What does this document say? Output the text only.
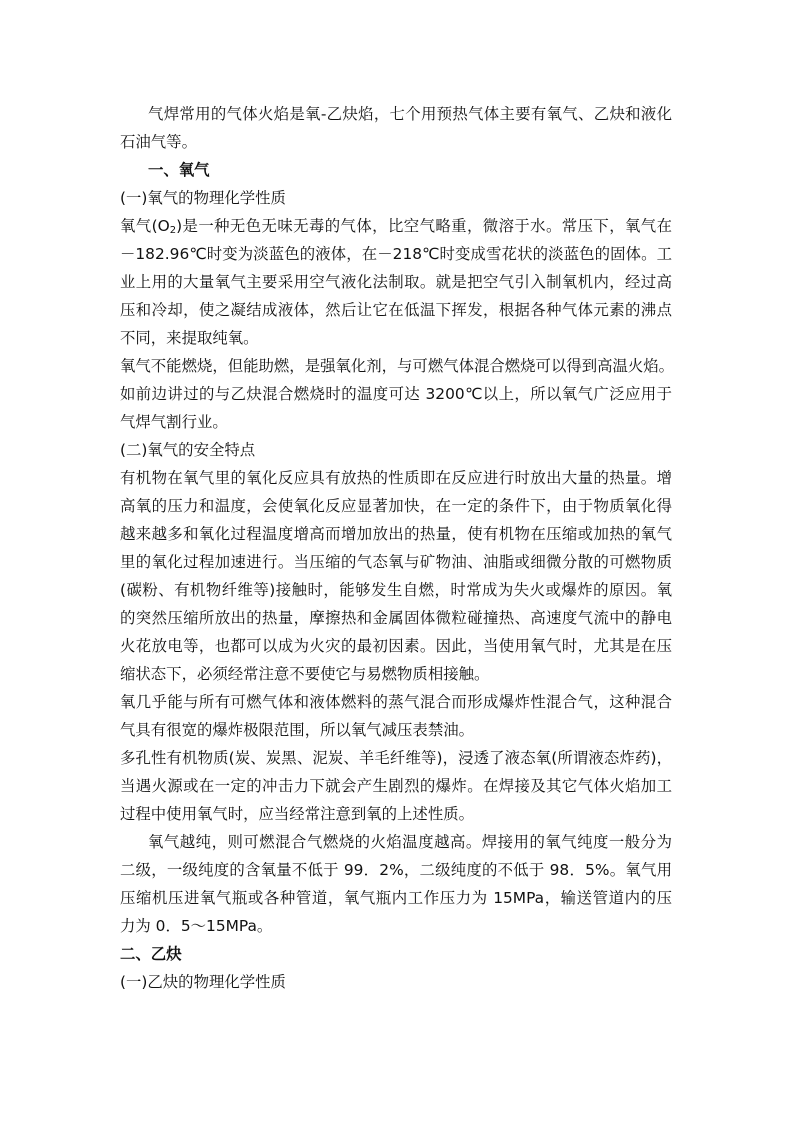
气焊常用的气体火焰是氧-乙炔焰，七个用预热气体主要有氧气、乙炔和液化
石油气等。
一、氧气
(一)氧气的物理化学性质
氧气$(O_2)$是一种无色无味无毒的气体，比空气略重，微溶于水。常压下，氧气在
－182.96℃时变为淡蓝色的液体，在－218℃时变成雪花状的淡蓝色的固体。工
业上用的大量氧气主要采用空气液化法制取。就是把空气引入制氧机内，经过高
压和冷却，使之凝结成液体，然后让它在低温下挥发，根据各种气体元素的沸点
不同，来提取纯氧。
氧气不能燃烧，但能助燃，是强氧化剂，与可燃气体混合燃烧可以得到高温火焰。
如前边讲过的与乙炔混合燃烧时的温度可达 3200℃以上，所以氧气广泛应用于
气焊气割行业。
(二)氧气的安全特点
有机物在氧气里的氧化反应具有放热的性质即在反应进行时放出大量的热量。增
高氧的压力和温度，会使氧化反应显著加快，在一定的条件下，由于物质氧化得
越来越多和氧化过程温度增高而增加放出的热量，使有机物在压缩或加热的氧气
里的氧化过程加速进行。当压缩的气态氧与矿物油、油脂或细微分散的可燃物质
(碳粉、有机物纤维等)接触时，能够发生自燃，时常成为失火或爆炸的原因。氧
的突然压缩所放出的热量，摩擦热和金属固体微粒碰撞热、高速度气流中的静电
火花放电等，也都可以成为火灾的最初因素。因此，当使用氧气时，尤其是在压
缩状态下，必须经常注意不要使它与易燃物质相接触。
氧几乎能与所有可燃气体和液体燃料的蒸气混合而形成爆炸性混合气，这种混合
气具有很宽的爆炸极限范围，所以氧气减压表禁油。
多孔性有机物质(炭、炭黑、泥炭、羊毛纤维等)，浸透了液态氧(所谓液态炸药)，
当遇火源或在一定的冲击力下就会产生剧烈的爆炸。在焊接及其它气体火焰加工
过程中使用氧气时，应当经常注意到氧的上述性质。
氧气越纯，则可燃混合气燃烧的火焰温度越高。焊接用的氧气纯度一般分为
二级，一级纯度的含氧量不低于 99．2%，二级纯度的不低于 98．5%。氧气用
压缩机压进氧气瓶或各种管道，氧气瓶内工作压力为 15MPa，输送管道内的压
力为 0．5～15MPa。
二、乙炔
(一)乙炔的物理化学性质
